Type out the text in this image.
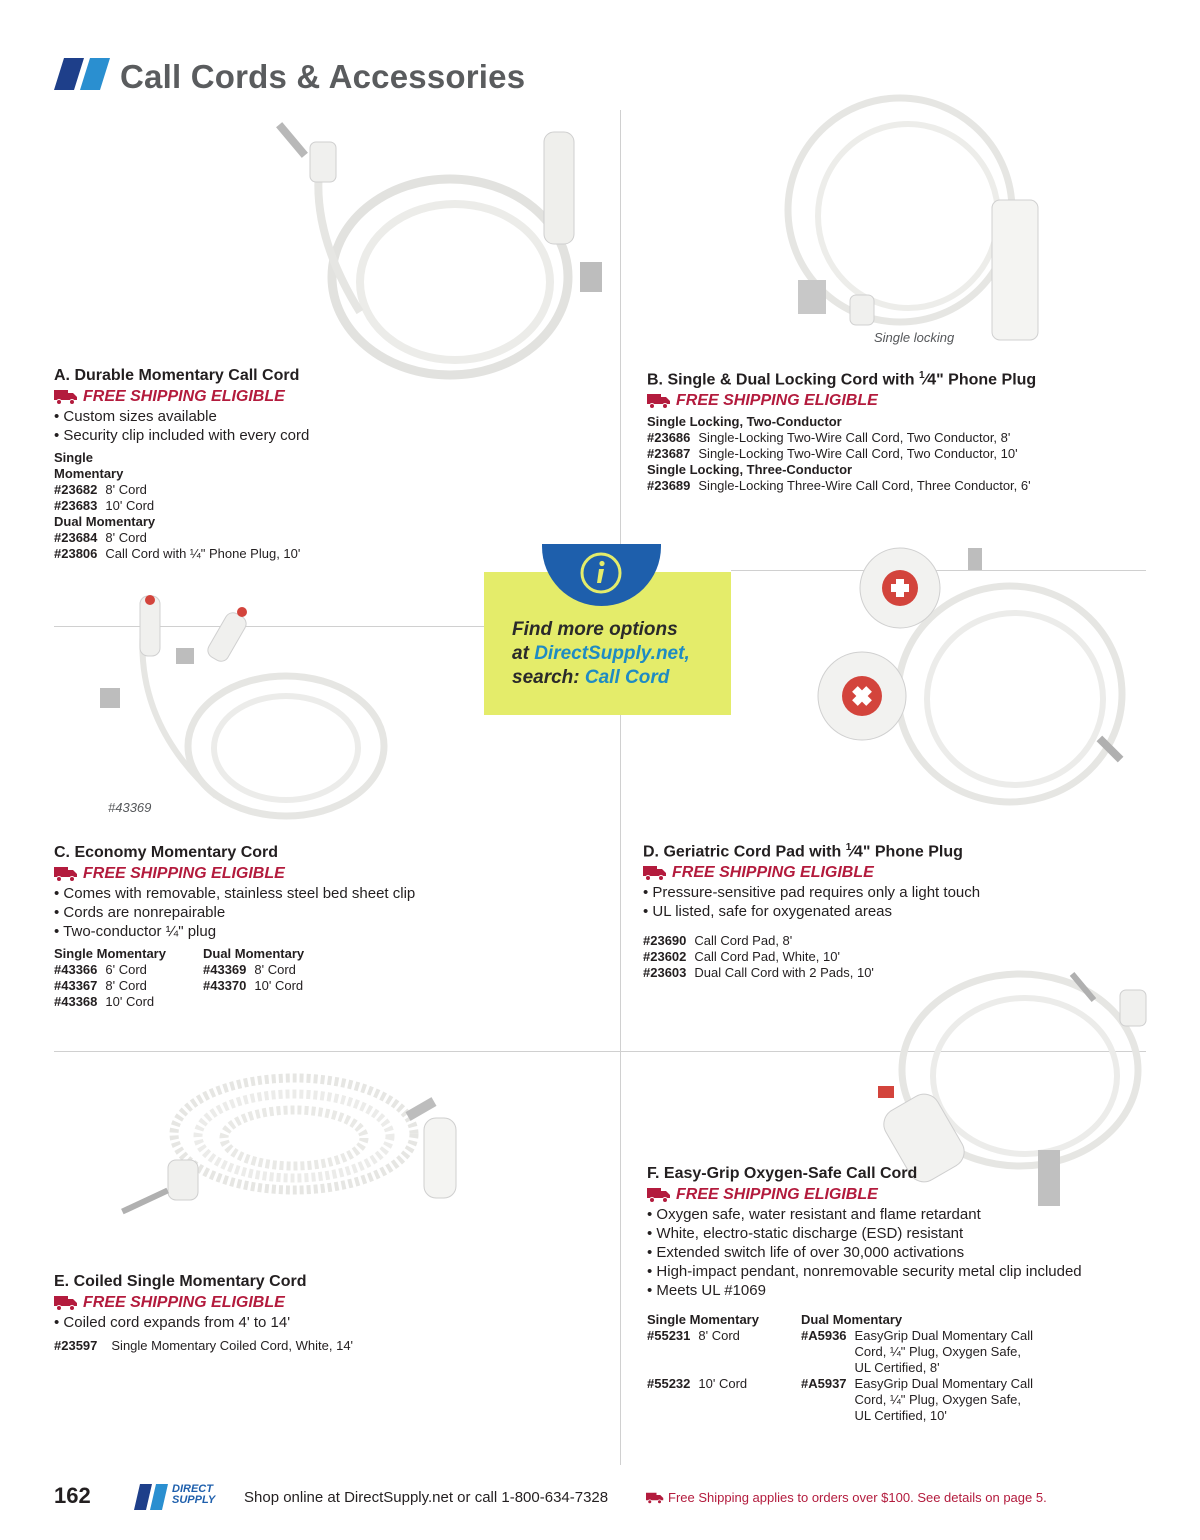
Call Cords & Accessories
Single locking
#43369
Find more options
at DirectSupply.net,
search: Call Cord
A. Durable Momentary Call Cord
FREE SHIPPING ELIGIBLE
• Custom sizes available
• Security clip included with every cord
Single Momentary
#23682 8' Cord
#23683 10' Cord
Dual Momentary
#23684 8' Cord
#23806 Call Cord with ¼" Phone Plug, 10'
B. Single & Dual Locking Cord with $^1$⁄4" Phone Plug
FREE SHIPPING ELIGIBLE
Single Locking, Two-Conductor
#23686 Single-Locking Two-Wire Call Cord, Two Conductor, 8'
#23687 Single-Locking Two-Wire Call Cord, Two Conductor, 10'
Single Locking, Three-Conductor
#23689 Single-Locking Three-Wire Call Cord, Three Conductor, 6'
C. Economy Momentary Cord
FREE SHIPPING ELIGIBLE
• Comes with removable, stainless steel bed sheet clip
• Cords are nonrepairable
• Two-conductor ¼" plug
Single Momentary
#43366 6' Cord
#43367 8' Cord
#43368 10' Cord
Dual Momentary
#43369 8' Cord
#43370 10' Cord
D. Geriatric Cord Pad with $^1$⁄4" Phone Plug
FREE SHIPPING ELIGIBLE
• Pressure-sensitive pad requires only a light touch
• UL listed, safe for oxygenated areas
#23690 Call Cord Pad, 8'
#23602 Call Cord Pad, White, 10'
#23603 Dual Call Cord with 2 Pads, 10'
E. Coiled Single Momentary Cord
FREE SHIPPING ELIGIBLE
• Coiled cord expands from 4' to 14'
#23597 Single Momentary Coiled Cord, White, 14'
F. Easy-Grip Oxygen-Safe Call Cord
FREE SHIPPING ELIGIBLE
• Oxygen safe, water resistant and flame retardant
• White, electro-static discharge (ESD) resistant
• Extended switch life of over 30,000 activations
• High-impact pendant, nonremovable security metal clip included
• Meets UL #1069
Single Momentary
#55231 8' Cord
#55232 10' Cord
Dual Momentary
#A5936 EasyGrip Dual Momentary Call Cord, ¼" Plug, Oxygen Safe, UL Certified, 8'
#A5937 EasyGrip Dual Momentary Call Cord, ¼" Plug, Oxygen Safe, UL Certified, 10'
162	DIRECT
SUPPLY Shop online at DirectSupply.net or call 1-800-634-7328	Free Shipping applies to orders over $100. See details on page 5.
